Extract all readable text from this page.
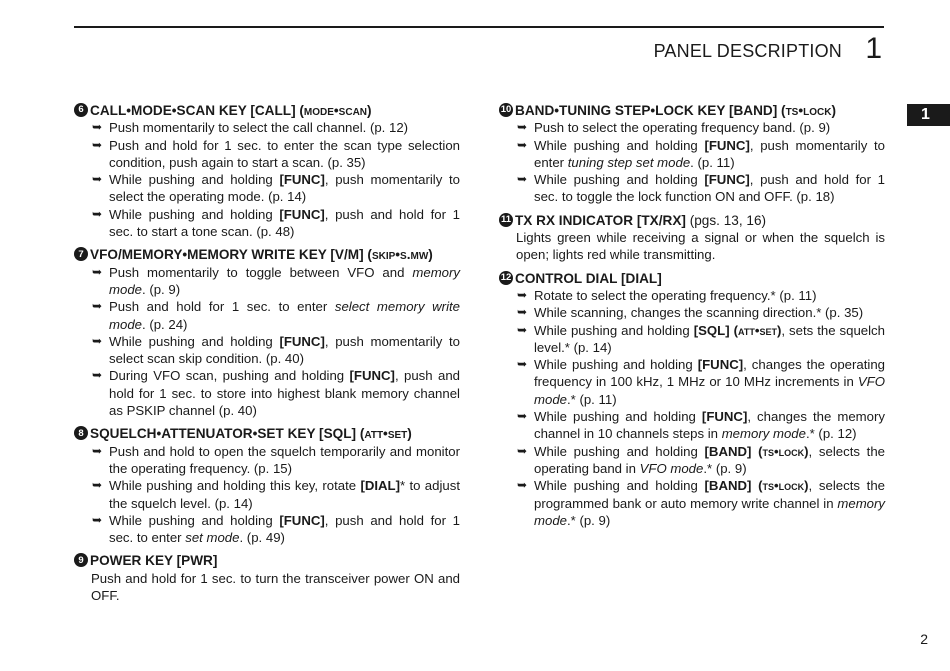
PANEL DESCRIPTION 1
1
6 CALL•MODE•SCAN KEY [CALL] (mode•scan)
➥ Push momentarily to select the call channel. (p. 12)
➥ Push and hold for 1 sec. to enter the scan type selection condition, push again to start a scan. (p. 35)
➥ While pushing and holding [FUNC], push momentarily to select the operating mode. (p. 14)
➥ While pushing and holding [FUNC], push and hold for 1 sec. to start a tone scan. (p. 48)
7 VFO/MEMORY•MEMORY WRITE KEY [V/M] (skip•s.mw)
➥ Push momentarily to toggle between VFO and memory mode. (p. 9)
➥ Push and hold for 1 sec. to enter select memory write mode. (p. 24)
➥ While pushing and holding [FUNC], push momentarily to select scan skip condition. (p. 40)
➥ During VFO scan, pushing and holding [FUNC], push and hold for 1 sec. to store into highest blank memory channel as PSKIP channel (p. 40)
8 SQUELCH•ATTENUATOR•SET KEY [SQL] (att•set)
➥ Push and hold to open the squelch temporarily and monitor the operating frequency. (p. 15)
➥ While pushing and holding this key, rotate [DIAL]* to adjust the squelch level. (p. 14)
➥ While pushing and holding [FUNC], push and hold for 1 sec. to enter set mode. (p. 49)
9 POWER KEY [PWR]
Push and hold for 1 sec. to turn the transceiver power ON and OFF.
10 BAND•TUNING STEP•LOCK KEY [BAND] (ts•lock)
➥ Push to select the operating frequency band. (p. 9)
➥ While pushing and holding [FUNC], push momentarily to enter tuning step set mode. (p. 11)
➥ While pushing and holding [FUNC], push and hold for 1 sec. to toggle the lock function ON and OFF. (p. 18)
11 TX RX INDICATOR [TX/RX] (pgs. 13, 16)
Lights green while receiving a signal or when the squelch is open; lights red while transmitting.
12 CONTROL DIAL [DIAL]
➥ Rotate to select the operating frequency.* (p. 11)
➥ While scanning, changes the scanning direction.* (p. 35)
➥ While pushing and holding [SQL] (att•set), sets the squelch level.* (p. 14)
➥ While pushing and holding [FUNC], changes the operating frequency in 100 kHz, 1 MHz or 10 MHz increments in VFO mode.* (p. 11)
➥ While pushing and holding [FUNC], changes the memory channel in 10 channels steps in memory mode.* (p. 12)
➥ While pushing and holding [BAND] (ts•lock), selects the operating band in VFO mode.* (p. 9)
➥ While pushing and holding [BAND] (ts•lock), selects the programmed bank or auto memory write channel in memory mode.* (p. 9)
2
